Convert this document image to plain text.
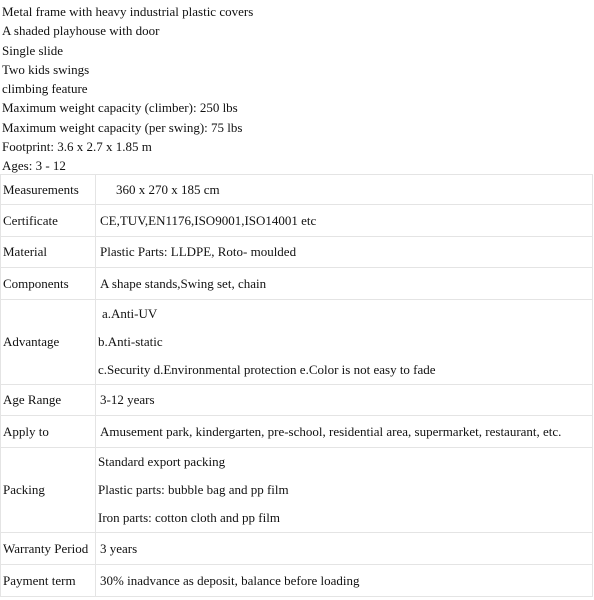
Metal frame with heavy industrial plastic covers
A shaded playhouse with door
Single slide
Two kids swings
climbing feature
Maximum weight capacity (climber): 250 lbs
Maximum weight capacity (per swing): 75 lbs
Footprint: 3.6 x 2.7 x 1.85 m
Ages: 3 - 12
Measurements	360 x 270 x 185 cm
Certificate	CE,TUV,EN1176,ISO9001,ISO14001 etc
Material	Plastic Parts: LLDPE, Roto- moulded
Components	A shape stands,Swing set, chain
Advantage	a.Anti-UV
b.Anti-static
c.Security d.Environmental protection e.Color is not easy to fade

Age Range	3-12 years
Apply to	Amusement park, kindergarten, pre-school, residential area, supermarket, restaurant, etc.
Packing	Standard export packing
Plastic parts: bubble bag and pp film
Iron parts: cotton cloth and pp film

Warranty Period	3 years
Payment term	30% inadvance as deposit, balance before loading
